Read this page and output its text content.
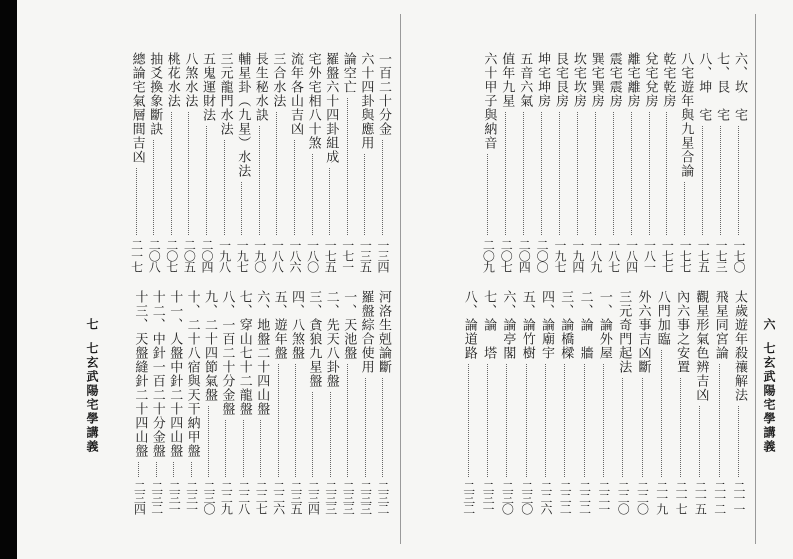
六
七玄武陽宅學講義
六、坎　宅
一七〇
七、艮　宅
一七三
八、坤　宅
一七五
八宅遊年與九星合論
一七七
乾宅乾房
一七七
兌宅兌房
一八一
離宅離房
一八四
震宅震房
一八七
巽宅巽房
一八九
坎宅坎房
一九四
艮宅艮房
一九七
坤宅坤房
二〇〇
五音六氣
二〇四
值年九星
二〇七
六十甲子與納音
二〇九
太歲遊年殺禳解法
二一一
飛星同宮論
二一二
觀星形氣色辨吉凶
二一五
內六事之安置
二一七
八門加臨
二一九
外六事吉凶斷
二二〇
三元奇門起法
二二〇
一、論外屋
二二一
二、論　牆
二二二
三、論橋樑
二二二
四、論廟宇
二二六
五、論竹樹
二三〇
六、論亭閣
二三〇
七、論　塔
二三一
八、論道路
二三二
七
七玄武陽宅學講義
一百二十分金
一三四
六十四卦與應用
一三五
論空亡
一七一
羅盤六十四卦組成
一七五
宅外宅相八十煞
一八〇
流年各山吉凶
一八六
三合水法
一八八
長生秘水訣
一九〇
輔星卦（九星）水法
一九七
三元龍門水法
一九八
五鬼運財法
二〇四
八煞水法
二〇五
桃花水法
二〇七
抽爻換象斷訣
二〇八
總論宅氣層間吉凶
二一七
河洛生剋論斷
二三二
羅盤綜合使用
二三三
一、天池盤
二三三
二、先天八卦盤
二三三
三、貪狼九星盤
二三四
四、八煞盤
二三五
五、遊年盤
二二六
六、地盤二十四山盤
二二七
七、穿山七十二龍盤
二二八
八、一百二十分金盤
二二九
九、二十四節氣盤
二三〇
十、二十八宿與天干納甲盤
二三一
十一、人盤中針二十四山盤
二三一
十二、中針一百二十分金盤
二三二
十三、天盤縫針二十四山盤
二三四
